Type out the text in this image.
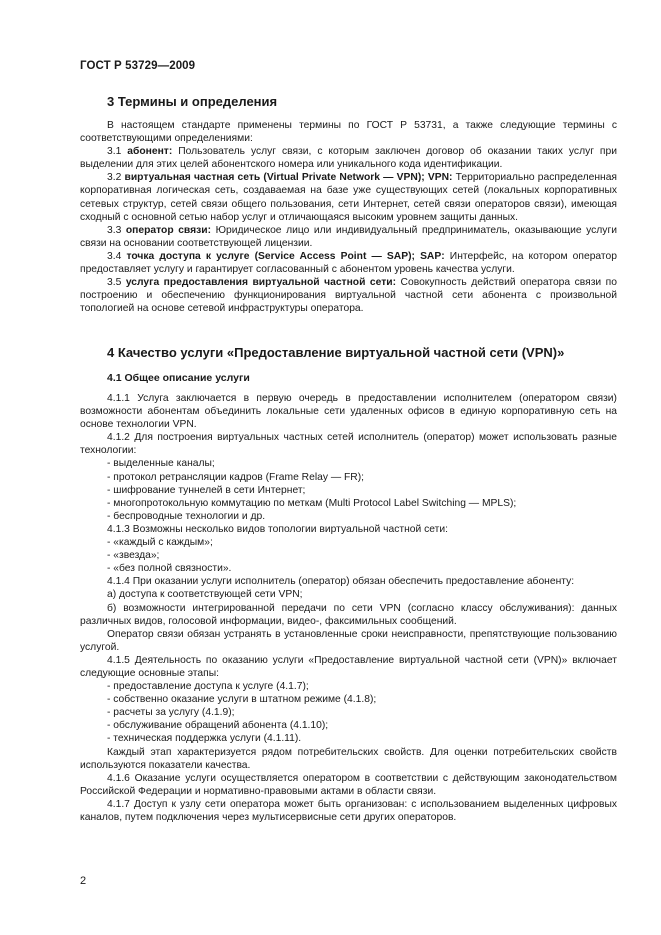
ГОСТ Р 53729—2009
3 Термины и определения

В настоящем стандарте применены термины по ГОСТ Р 53731, а также следующие термины с соответствующими определениями:

3.1 абонент: Пользователь услуг связи, с которым заключен договор об оказании таких услуг при выделении для этих целей абонентского номера или уникального кода идентификации.

3.2 виртуальная частная сеть (Virtual Private Network — VPN); VPN: Территориально распределенная корпоративная логическая сеть, создаваемая на базе уже существующих сетей (локальных корпоративных сетевых структур, сетей связи общего пользования, сети Интернет, сетей связи операторов связи), имеющая сходный с основной сетью набор услуг и отличающаяся высоким уровнем защиты данных.

3.3 оператор связи: Юридическое лицо или индивидуальный предприниматель, оказывающие услуги связи на основании соответствующей лицензии.

3.4 точка доступа к услуге (Service Access Point — SAP); SAP: Интерфейс, на котором оператор предоставляет услугу и гарантирует согласованный с абонентом уровень качества услуги.

3.5 услуга предоставления виртуальной частной сети: Совокупность действий оператора связи по построению и обеспечению функционирования виртуальной частной сети абонента с произвольной топологией на основе сетевой инфраструктуры оператора.

4 Качество услуги «Предоставление виртуальной частной сети (VPN)»
4.1 Общее описание услуги

4.1.1 Услуга заключается в первую очередь в предоставлении исполнителем (оператором связи) возможности абонентам объединить локальные сети удаленных офисов в единую корпоративную сеть на основе технологии VPN.

4.1.2 Для построения виртуальных частных сетей исполнитель (оператор) может использовать разные технологии:

- выделенные каналы;

- протокол ретрансляции кадров (Frame Relay — FR);

- шифрование туннелей в сети Интернет;

- многопротокольную коммутацию по меткам (Multi Protocol Label Switching — MPLS);

- беспроводные технологии и др.

4.1.3 Возможны несколько видов топологии виртуальной частной сети:

- «каждый с каждым»;

- «звезда»;

- «без полной связности».

4.1.4 При оказании услуги исполнитель (оператор) обязан обеспечить предоставление абоненту:

а) доступа к соответствующей сети VPN;

б) возможности интегрированной передачи по сети VPN (согласно классу обслуживания): данных различных видов, голосовой информации, видео-, факсимильных сообщений.

Оператор связи обязан устранять в установленные сроки неисправности, препятствующие пользованию услугой.

4.1.5 Деятельность по оказанию услуги «Предоставление виртуальной частной сети (VPN)» включает следующие основные этапы:

- предоставление доступа к услуге (4.1.7);

- собственно оказание услуги в штатном режиме (4.1.8);

- расчеты за услугу (4.1.9);

- обслуживание обращений абонента (4.1.10);

- техническая поддержка услуги (4.1.11).

Каждый этап характеризуется рядом потребительских свойств. Для оценки потребительских свойств используются показатели качества.

4.1.6 Оказание услуги осуществляется оператором в соответствии с действующим законодательством Российской Федерации и нормативно-правовыми актами в области связи.

4.1.7 Доступ к узлу сети оператора может быть организован: с использованием выделенных цифровых каналов, путем подключения через мультисервисные сети других операторов.

2
